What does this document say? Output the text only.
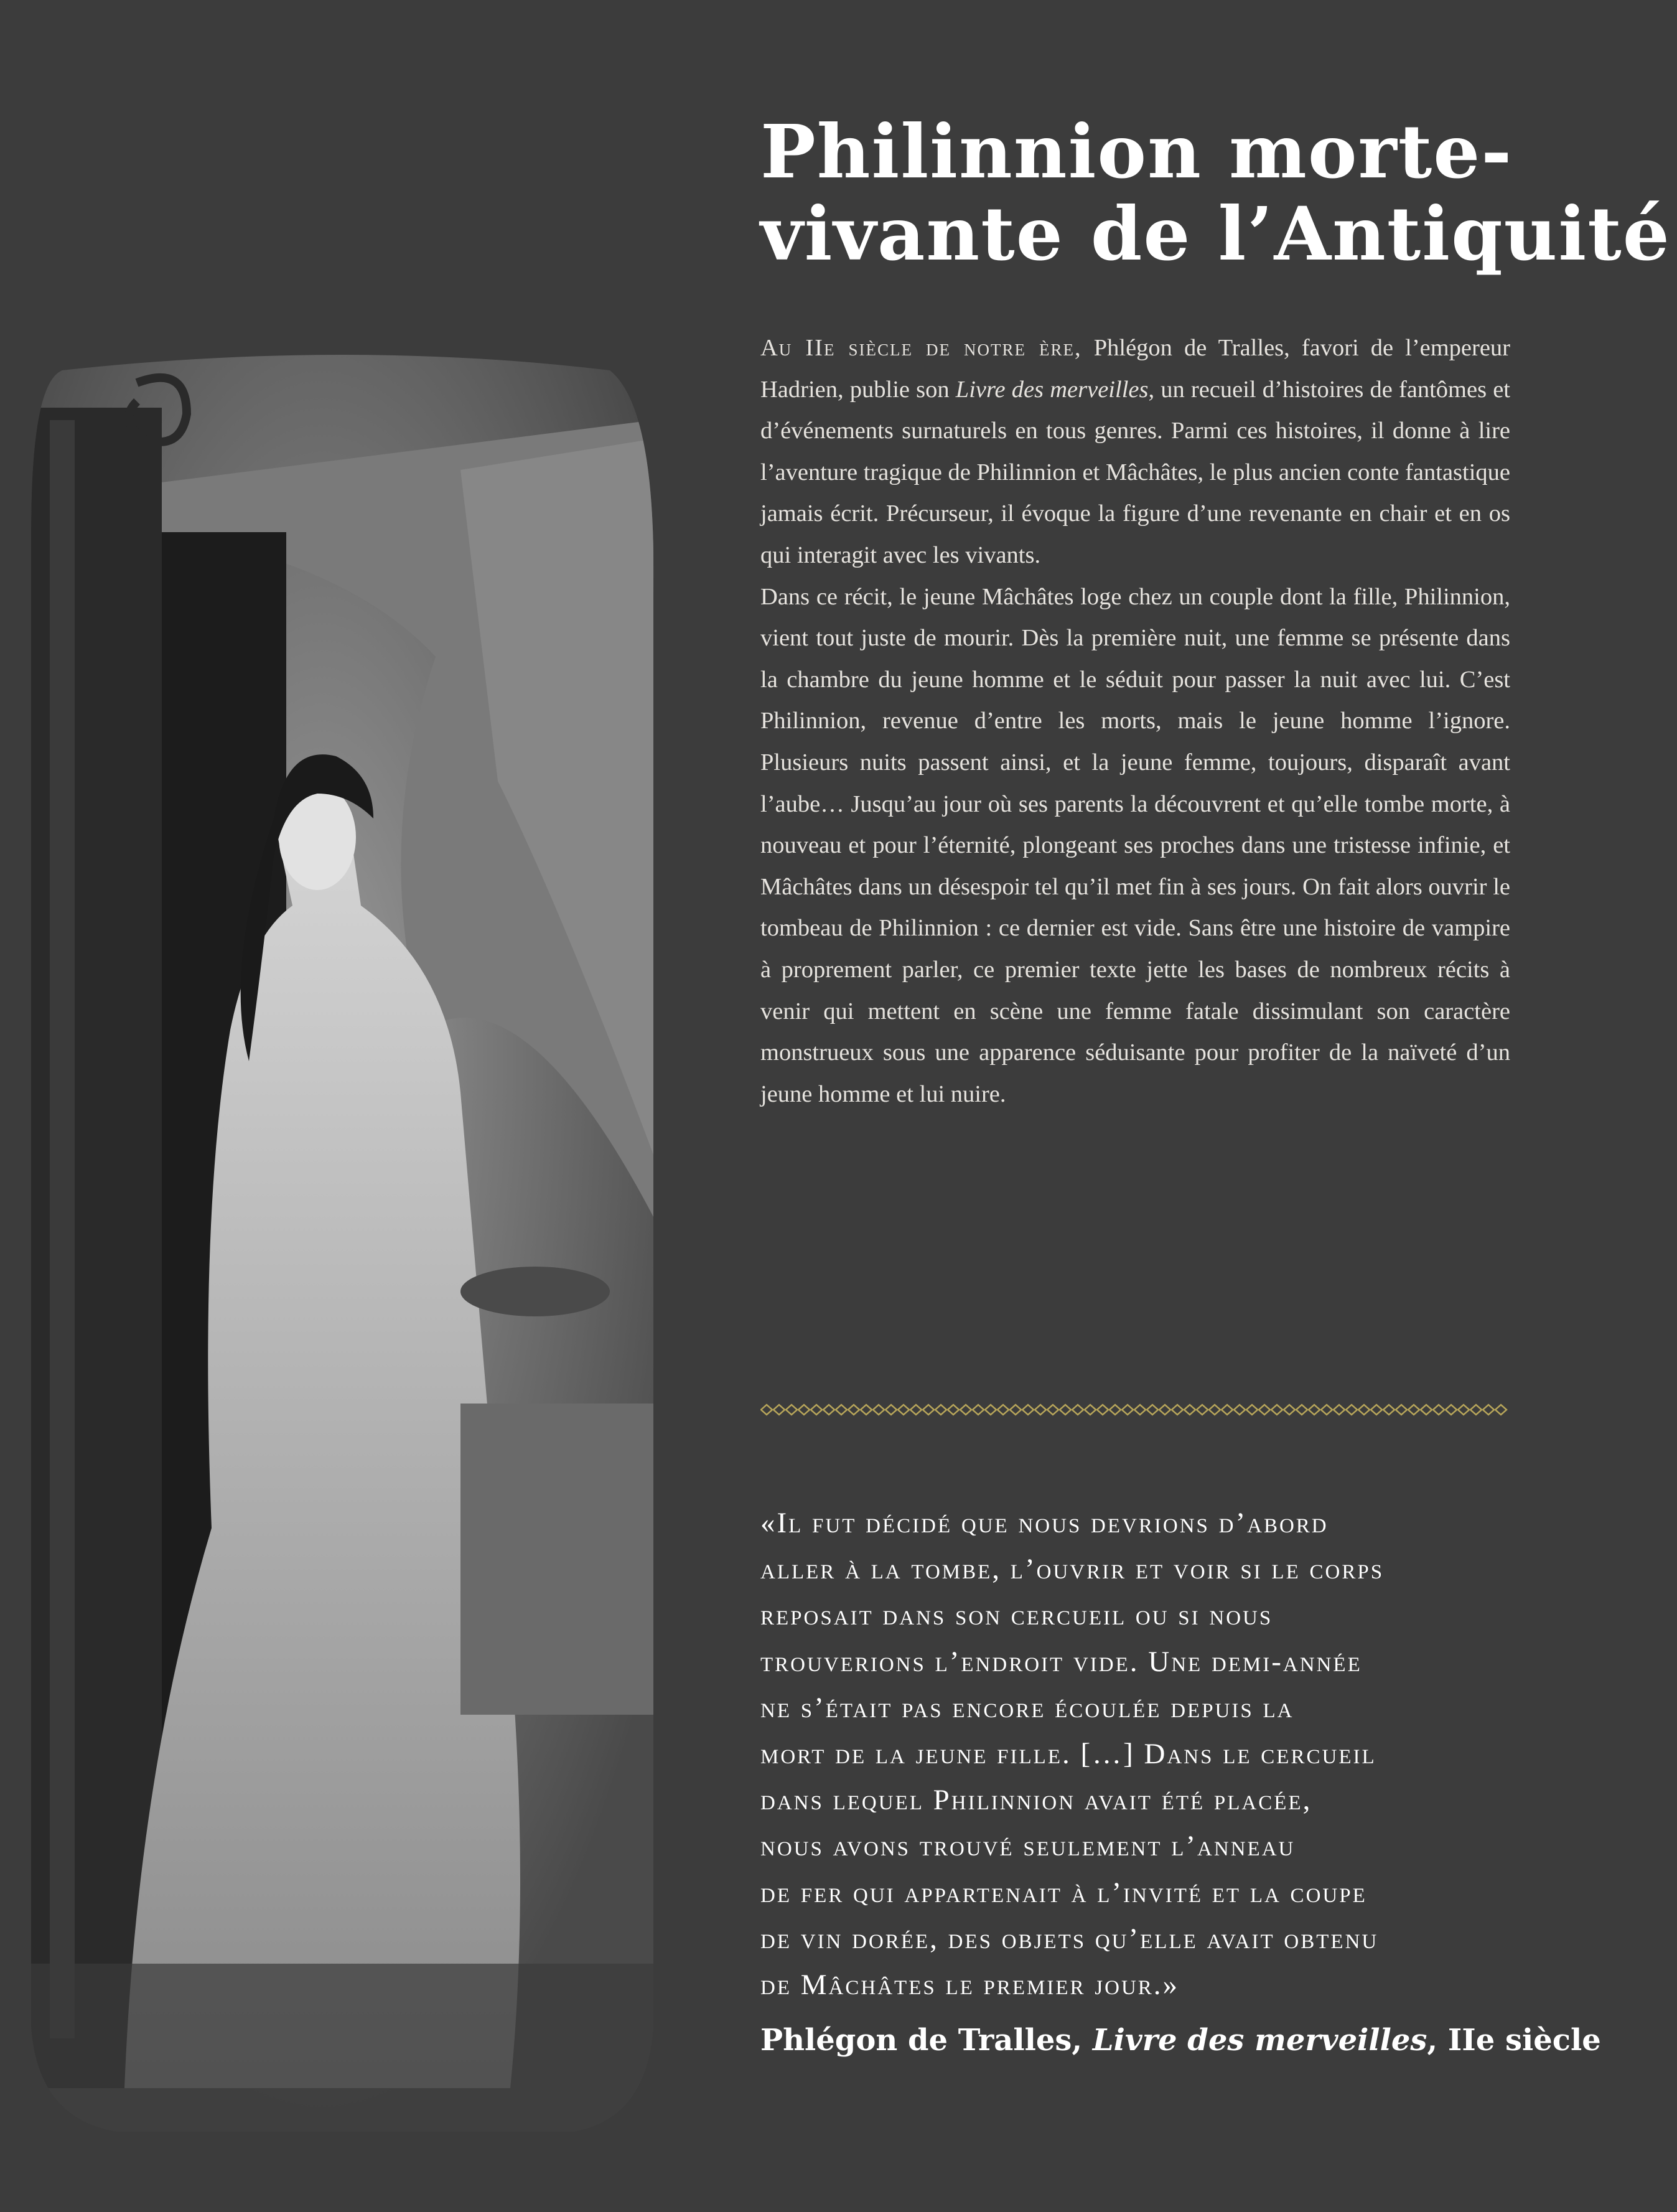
Philinnion morte-
vivante de l’Antiquité

Au IIe siècle de notre ère, Phlégon de Tralles, favori de l’empereur Hadrien, publie son Livre des merveilles, un recueil d’histoires de fantômes et d’événements surnaturels en tous genres. Parmi ces histoires, il donne à lire l’aventure tragique de Philinnion et Mâchâtes, le plus ancien conte fantastique jamais écrit. Précurseur, il évoque la figure d’une revenante en chair et en os qui interagit avec les vivants.

Dans ce récit, le jeune Mâchâtes loge chez un couple dont la fille, Philinnion, vient tout juste de mourir. Dès la première nuit, une femme se présente dans la chambre du jeune homme et le séduit pour passer la nuit avec lui. C’est Philinnion, revenue d’entre les morts, mais le jeune homme l’ignore. Plusieurs nuits passent ainsi, et la jeune femme, toujours, disparaît avant l’aube… Jusqu’au jour où ses parents la découvrent et qu’elle tombe morte, à nouveau et pour l’éternité, plongeant ses proches dans une tristesse infinie, et Mâchâtes dans un désespoir tel qu’il met fin à ses jours. On fait alors ouvrir le tombeau de Philinnion : ce dernier est vide. Sans être une histoire de vampire à proprement parler, ce premier texte jette les bases de nombreux récits à venir qui mettent en scène une femme fatale dissimulant son caractère monstrueux sous une apparence séduisante pour profiter de la naïveté d’un jeune homme et lui nuire.

«Il fut décidé que nous devrions d’abord
aller à la tombe, l’ouvrir et voir si le corps
reposait dans son cercueil ou si nous
trouverions l’endroit vide. Une demi-année
ne s’était pas encore écoulée depuis la
mort de la jeune fille. […] Dans le cercueil
dans lequel Philinnion avait été placée,
nous avons trouvé seulement l’anneau
de fer qui appartenait à l’invité et la coupe
de vin dorée, des objets qu’elle avait obtenu
de Mâchâtes le premier jour.»

Phlégon de Tralles, Livre des merveilles, IIe siècle
